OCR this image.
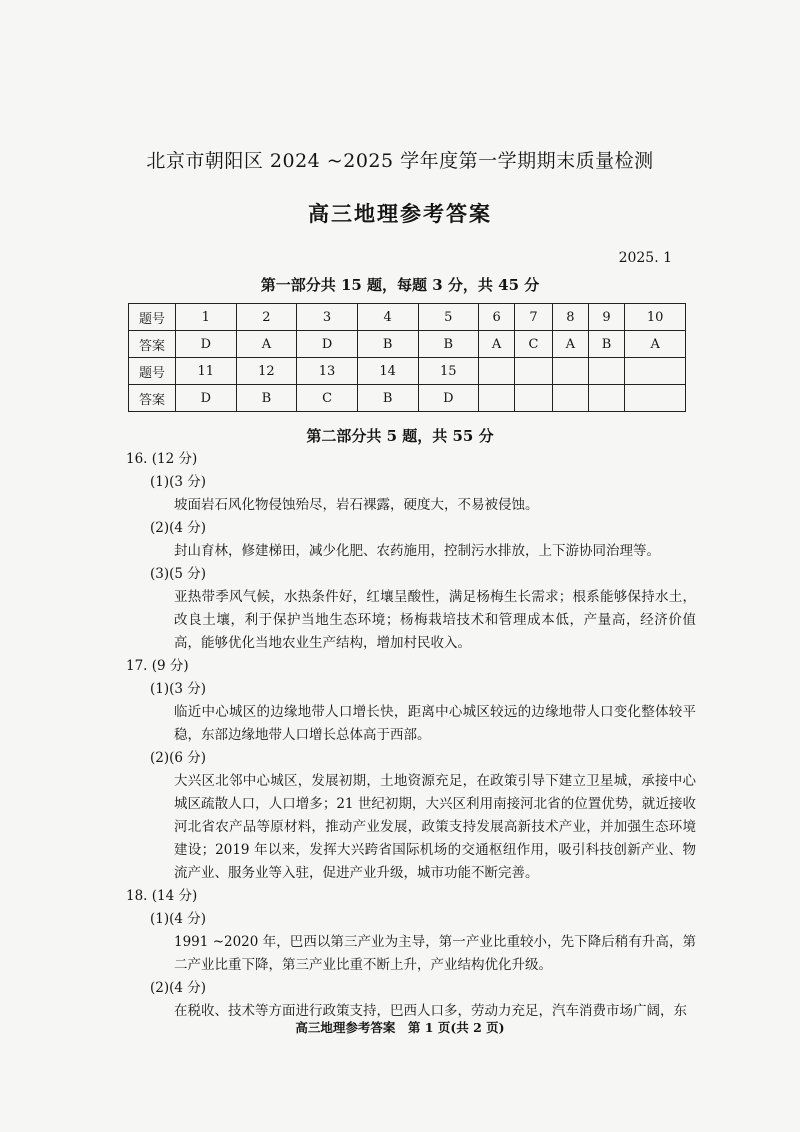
北京市朝阳区 2024 ~2025 学年度第一学期期末质量检测
高三地理参考答案
2025. 1
第一部分共 15 题，每题 3 分，共 45 分
题号	1	2	3	4	5	6	7	8	9	10
答案	D	A	D	B	B	A	C	A	B	A
题号	11	12	13	14	15					
答案	D	B	C	B	D					
第二部分共 5 题，共 55 分
16. (12 分)
(1)(3 分)
坡面岩石风化物侵蚀殆尽，岩石裸露，硬度大，不易被侵蚀。
(2)(4 分)
封山育林，修建梯田，减少化肥、农药施用，控制污水排放，上下游协同治理等。
(3)(5 分)
亚热带季风气候，水热条件好，红壤呈酸性，满足杨梅生长需求；根系能够保持水土，改良土壤，利于保护当地生态环境；杨梅栽培技术和管理成本低，产量高，经济价值高，能够优化当地农业生产结构，增加村民收入。
17. (9 分)
(1)(3 分)
临近中心城区的边缘地带人口增长快，距离中心城区较远的边缘地带人口变化整体较平稳，东部边缘地带人口增长总体高于西部。
(2)(6 分)
大兴区北邻中心城区，发展初期，土地资源充足，在政策引导下建立卫星城，承接中心城区疏散人口，人口增多；21 世纪初期，大兴区利用南接河北省的位置优势，就近接收河北省农产品等原材料，推动产业发展，政策支持发展高新技术产业，并加强生态环境建设；2019 年以来，发挥大兴跨省国际机场的交通枢纽作用，吸引科技创新产业、物流产业、服务业等入驻，促进产业升级，城市功能不断完善。
18. (14 分)
(1)(4 分)
1991 ~2020 年，巴西以第三产业为主导，第一产业比重较小，先下降后稍有升高，第二产业比重下降，第三产业比重不断上升，产业结构优化升级。
(2)(4 分)
在税收、技术等方面进行政策支持，巴西人口多，劳动力充足，汽车消费市场广阔，东
高三地理参考答案　第 1 页(共 2 页)
